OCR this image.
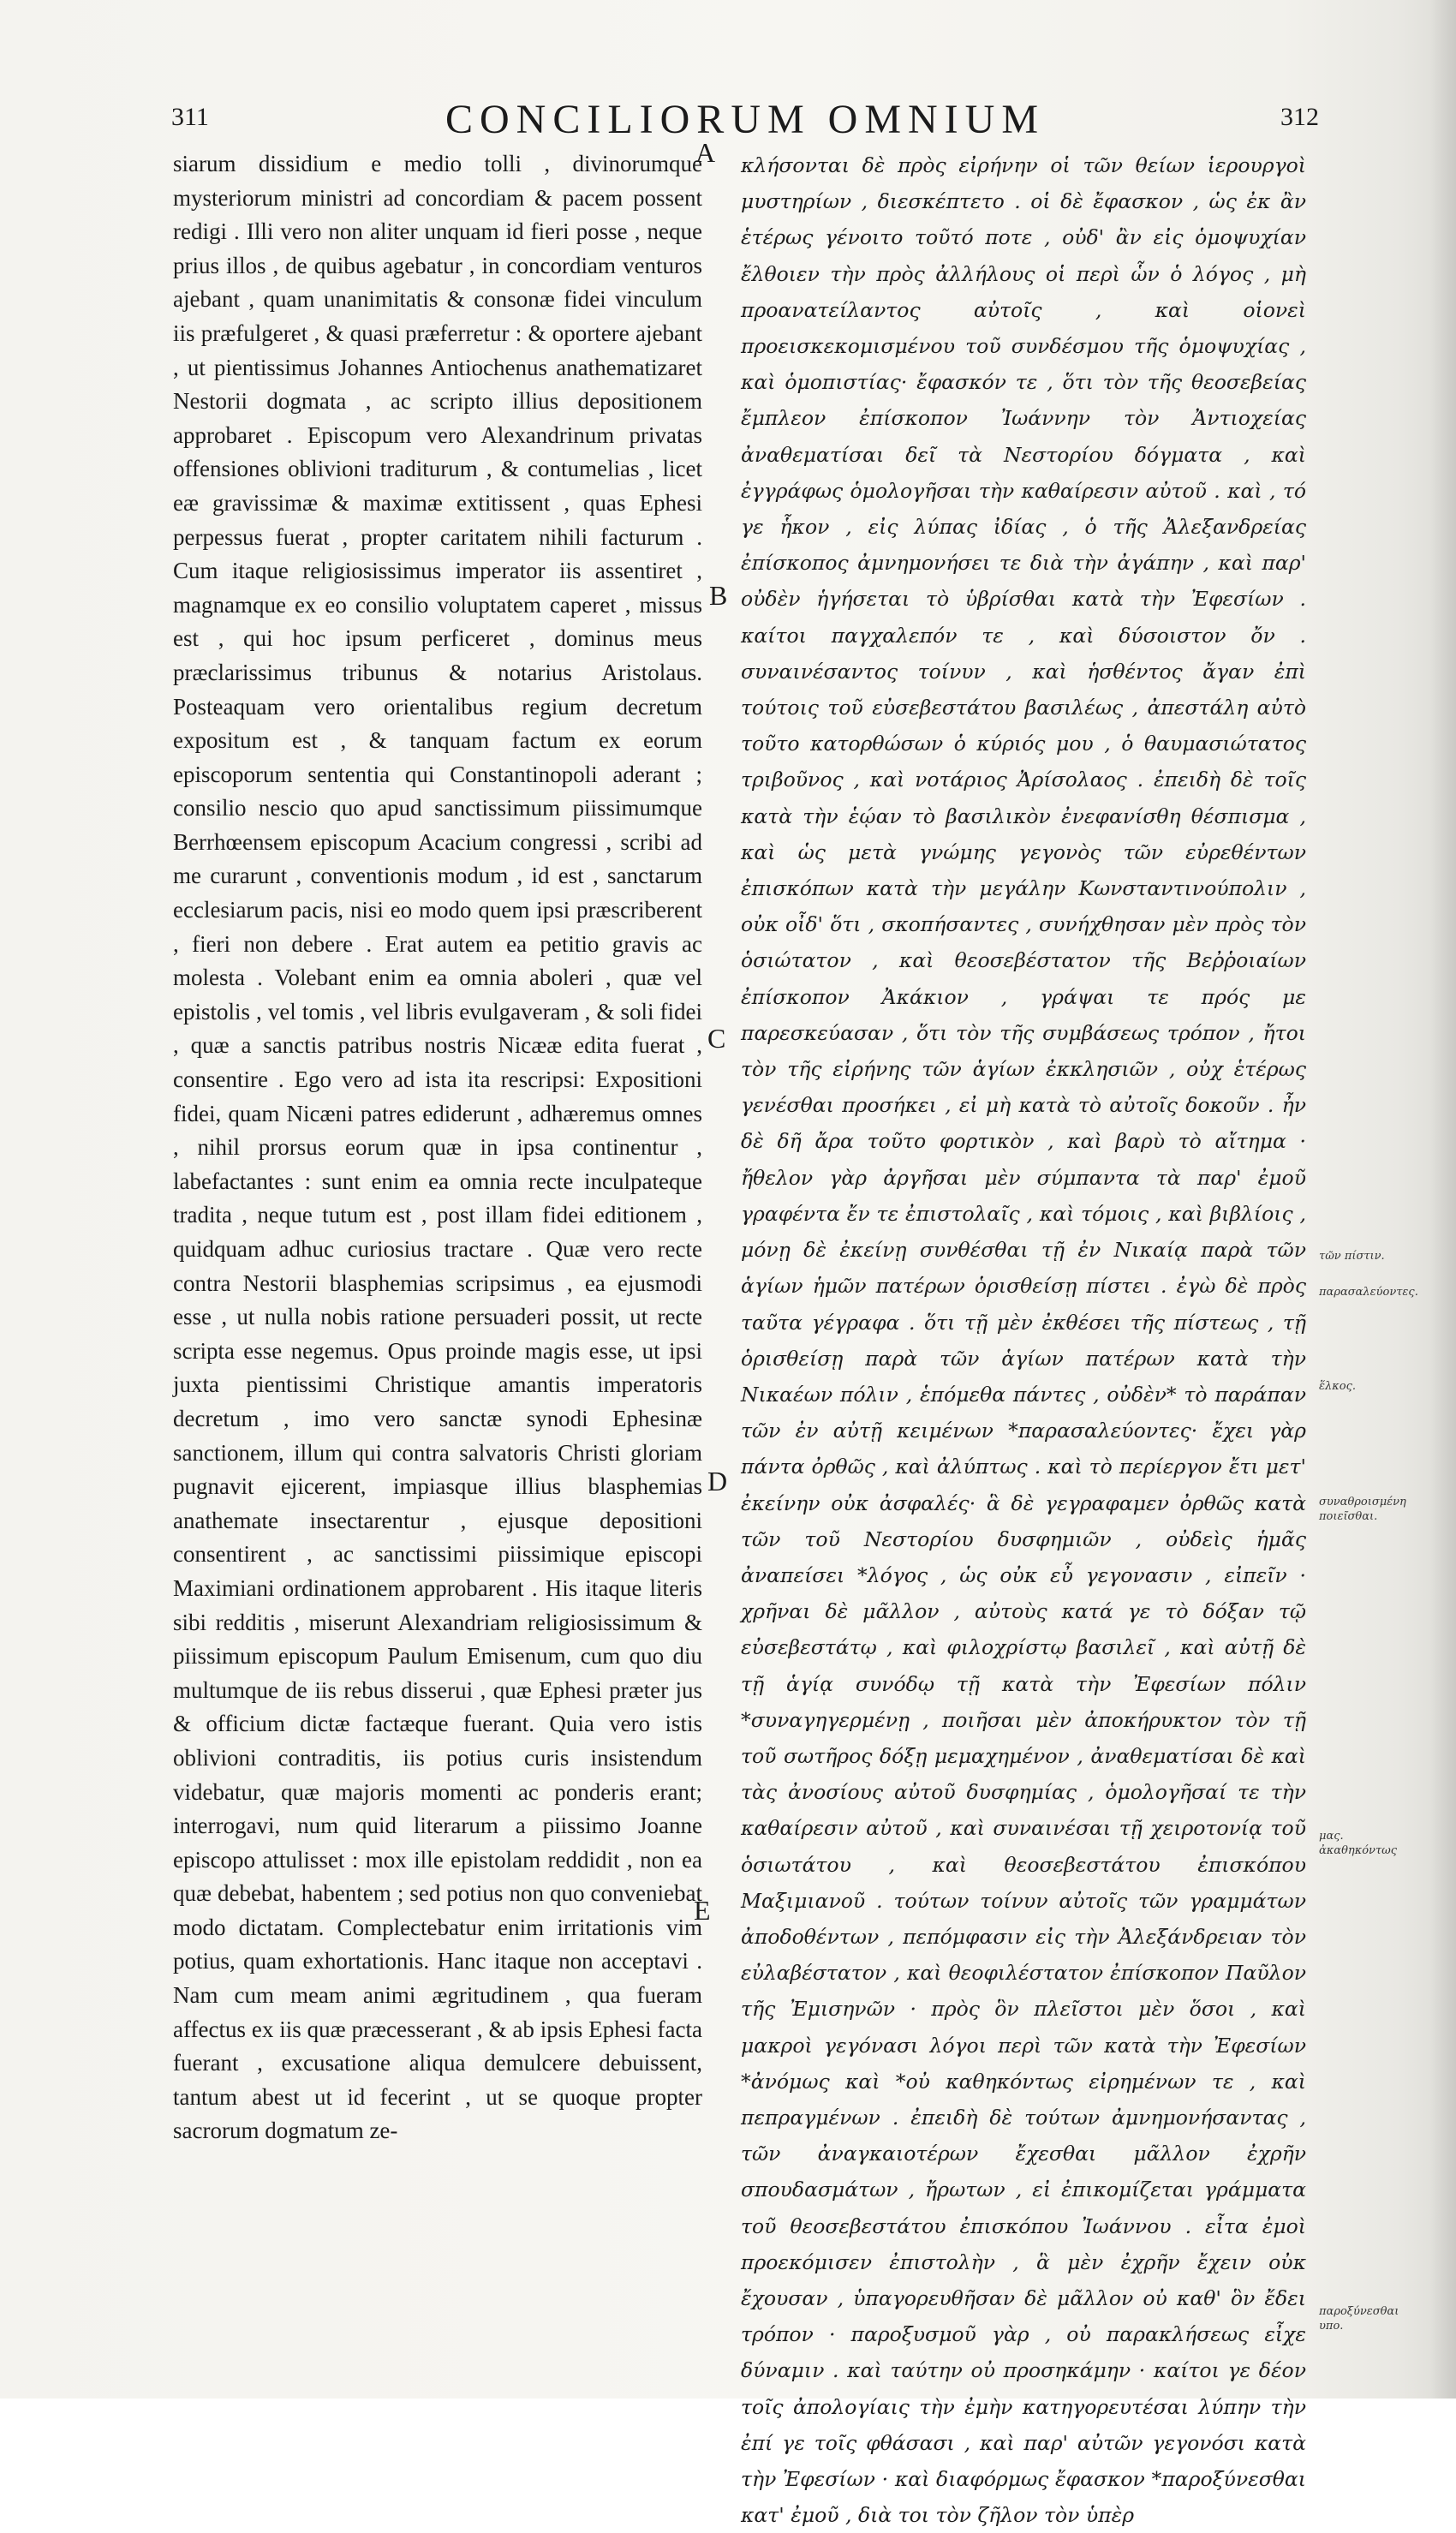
311	CONCILIORUM OMNIUM	312

siarum dissidium e medio tolli , divinorumque mysteriorum ministri ad concordiam & pacem possent redigi . Illi vero non aliter unquam id fieri posse , neque prius illos , de quibus agebatur , in concordiam venturos ajebant , quam unanimitatis & consonæ fidei vinculum iis præfulgeret , & quasi præferretur : & oportere ajebant , ut pientissimus Johannes Antiochenus anathematizaret Nestorii dogmata , ac scripto illius depositionem approbaret . Episcopum vero Alexandrinum privatas offensiones oblivioni traditurum , & contumelias , licet eæ gravissimæ & maximæ extitissent , quas Ephesi perpessus fuerat , propter caritatem nihili facturum . Cum itaque religiosissimus imperator iis assentiret , magnamque ex eo consilio voluptatem caperet , missus est , qui hoc ipsum perficeret , dominus meus præclarissimus tribunus & notarius Aristolaus. Posteaquam vero orientalibus regium decretum expositum est , & tanquam factum ex eorum episcoporum sententia qui Constantinopoli aderant ; consilio nescio quo apud sanctissimum piissimumque Berrhœensem episcopum Acacium congressi , scribi ad me curarunt , conventionis modum , id est , sanctarum ecclesiarum pacis, nisi eo modo quem ipsi præscriberent , fieri non debere . Erat autem ea petitio gravis ac molesta . Volebant enim ea omnia aboleri , quæ vel epistolis , vel tomis , vel libris evulgaveram , & soli fidei , quæ a sanctis patribus nostris Nicææ edita fuerat , consentire . Ego vero ad ista ita rescripsi: Expositioni fidei, quam Nicæni patres ediderunt , adhæremus omnes , nihil prorsus eorum quæ in ipsa continentur , labefactantes : sunt enim ea omnia recte inculpateque tradita , neque tutum est , post illam fidei editionem , quidquam adhuc curiosius tractare . Quæ vero recte contra Nestorii blasphemias scripsimus , ea ejusmodi esse , ut nulla nobis ratione persuaderi possit, ut recte scripta esse negemus. Opus proinde magis esse, ut ipsi juxta pientissimi Christique amantis imperatoris decretum , imo vero sanctæ synodi Ephesinæ sanctionem, illum qui contra salvatoris Christi gloriam pugnavit ejicerent, impiasque illius blasphemias anathemate insectarentur , ejusque depositioni consentirent , ac sanctissimi piissimique episcopi Maximiani ordinationem approbarent . His itaque literis sibi redditis , miserunt Alexandriam religiosissimum & piissimum episcopum Paulum Emisenum, cum quo diu multumque de iis rebus disserui , quæ Ephesi præter jus & officium dictæ factæque fuerant. Quia vero istis oblivioni contraditis, iis potius curis insistendum videbatur, quæ majoris momenti ac ponderis erant; interrogavi, num quid literarum a piissimo Joanne episcopo attulisset : mox ille epistolam reddidit , non ea quæ debebat, habentem ; sed potius non quo conveniebat modo dictatam. Complectebatur enim irritationis vim potius, quam exhortationis. Hanc itaque non acceptavi . Nam cum meam animi ægritudinem , qua fueram affectus ex iis quæ præcesserant , & ab ipsis Ephesi facta fuerant , excusatione aliqua demulcere debuissent, tantum abest ut id fecerint , ut se quoque propter sacrorum dogmatum ze-

A
B
C
D
E

κλήσονται δὲ πρὸς εἰρήνην οἱ τῶν θείων ἱερουργοὶ μυστηρίων , διεσκέπτετο . οἱ δὲ ἔφασκον , ὡς ἐκ ἂν ἑτέρως γένοιτο τοῦτό ποτε , οὐδ' ἂν εἰς ὁμοψυχίαν ἔλθοιεν τὴν πρὸς ἀλλήλους οἱ περὶ ὧν ὁ λόγος , μὴ προανατείλαντος αὐτοῖς , καὶ οἱονεὶ προεισκεκομισμένου τοῦ συνδέσμου τῆς ὁμοψυχίας , καὶ ὁμοπιστίας· ἔφασκόν τε , ὅτι τὸν τῆς θεοσεβείας ἔμπλεον ἐπίσκοπον Ἰωάννην τὸν Ἀντιοχείας ἀναθεματίσαι δεῖ τὰ Νεστορίου δόγματα , καὶ ἐγγράφως ὁμολογῆσαι τὴν καθαίρεσιν αὐτοῦ . καὶ , τό γε ἧκον , εἰς λύπας ἰδίας , ὁ τῆς Ἀλεξανδρείας ἐπίσκοπος ἀμνημονήσει τε διὰ τὴν ἀγάπην , καὶ παρ' οὐδὲν ἡγήσεται τὸ ὑβρίσθαι κατὰ τὴν Ἐφεσίων . καίτοι παγχαλεπόν τε , καὶ δύσοιστον ὄν . συναινέσαντος τοίνυν , καὶ ἡσθέντος ἄγαν ἐπὶ τούτοις τοῦ εὐσεβεστάτου βασιλέως , ἀπεστάλη αὐτὸ τοῦτο κατορθώσων ὁ κύριός μου , ὁ θαυμασιώτατος τριβοῦνος , καὶ νοτάριος Ἀρίσολαος . ἐπειδὴ δὲ τοῖς κατὰ τὴν ἑῴαν τὸ βασιλικὸν ἐνεφανίσθη θέσπισμα , καὶ ὡς μετὰ γνώμης γεγονὸς τῶν εὐρεθέντων ἐπισκόπων κατὰ τὴν μεγάλην Κωνσταντινούπολιν , οὐκ οἶδ' ὅτι , σκοπήσαντες , συνήχθησαν μὲν πρὸς τὸν ὁσιώτατον , καὶ θεοσεβέστατον τῆς Βεῤῥοιαίων ἐπίσκοπον Ἀκάκιον , γράψαι τε πρός με παρεσκεύασαν , ὅτι τὸν τῆς συμβάσεως τρόπον , ἤτοι τὸν τῆς εἰρήνης τῶν ἁγίων ἐκκλησιῶν , οὐχ ἑτέρως γενέσθαι προσήκει , εἰ μὴ κατὰ τὸ αὐτοῖς δοκοῦν . ἦν δὲ δῆ ἄρα τοῦτο φορτικὸν , καὶ βαρὺ τὸ αἴτημα · ἤθελον γὰρ ἀργῆσαι μὲν σύμπαντα τὰ παρ' ἐμοῦ γραφέντα ἔν τε ἐπιστολαῖς , καὶ τόμοις , καὶ βιβλίοις , μόνῃ δὲ ἐκείνῃ συνθέσθαι τῇ ἐν Νικαίᾳ παρὰ τῶν ἁγίων ἡμῶν πατέρων ὁρισθείσῃ πίστει . ἐγὼ δὲ πρὸς ταῦτα γέγραφα . ὅτι τῇ μὲν ἐκθέσει τῆς πίστεως , τῇ ὁρισθείσῃ παρὰ τῶν ἁγίων πατέρων κατὰ τὴν Νικαέων πόλιν , ἑπόμεθα πάντες , οὐδὲν* τὸ παράπαν τῶν ἐν αὐτῇ κειμένων *παρασαλεύοντες· ἔχει γὰρ πάντα ὀρθῶς , καὶ ἀλύπτως . καὶ τὸ περίεργον ἔτι μετ' ἐκείνην οὐκ ἀσφαλές· ἃ δὲ γεγραφαμεν ὀρθῶς κατὰ τῶν τοῦ Νεστορίου δυσφημιῶν , οὐδεὶς ἡμᾶς ἀναπείσει *λόγος , ὡς οὐκ εὖ γεγονασιν , εἰπεῖν · χρῆναι δὲ μᾶλλον , αὐτοὺς κατά γε τὸ δόξαν τῷ εὐσεβεστάτῳ , καὶ φιλοχρίστῳ βασιλεῖ , καὶ αὐτῇ δὲ τῇ ἁγίᾳ συνόδῳ τῇ κατὰ τὴν Ἐφεσίων πόλιν *συναγηγερμένῃ , ποιῆσαι μὲν ἀποκήρυκτον τὸν τῇ τοῦ σωτῆρος δόξῃ μεμαχημένον , ἀναθεματίσαι δὲ καὶ τὰς ἀνοσίους αὐτοῦ δυσφημίας , ὁμολογῆσαί τε τὴν καθαίρεσιν αὐτοῦ , καὶ συναινέσαι τῇ χειροτονίᾳ τοῦ ὁσιωτάτου , καὶ θεοσεβεστάτου ἐπισκόπου Μαξιμιανοῦ . τούτων τοίνυν αὐτοῖς τῶν γραμμάτων ἀποδοθέντων , πεπόμφασιν εἰς τὴν Ἀλεξάνδρειαν τὸν εὐλαβέστατον , καὶ θεοφιλέστατον ἐπίσκοπον Παῦλον τῆς Ἐμισηνῶν · πρὸς ὃν πλεῖστοι μὲν ὅσοι , καὶ μακροὶ γεγόνασι λόγοι περὶ τῶν κατὰ τὴν Ἐφεσίων *ἀνόμως καὶ *οὐ καθηκόντως εἰρημένων τε , καὶ πεπραγμένων . ἐπειδὴ δὲ τούτων ἀμνημονήσαντας , τῶν ἀναγκαιοτέρων ἔχεσθαι μᾶλλον ἐχρῆν σπουδασμάτων , ἤρωτων , εἰ ἐπικομίζεται γράμματα τοῦ θεοσεβεστάτου ἐπισκόπου Ἰωάννου . εἶτα ἐμοὶ προεκόμισεν ἐπιστολὴν , ἃ μὲν ἐχρῆν ἔχειν οὐκ ἔχουσαν , ὑπαγορευθῆσαν δὲ μᾶλλον οὐ καθ' ὃν ἔδει τρόπον · παροξυσμοῦ γὰρ , οὐ παρακλήσεως εἶχε δύναμιν . καὶ ταύτην οὐ προσηκάμην · καίτοι γε δέον τοῖς ἀπολογίαις τὴν ἐμὴν κατηγορευτέσαι λύπην τὴν ἐπί γε τοῖς φθάσασι , καὶ παρ' αὐτῶν γεγονόσι κατὰ τὴν Ἐφεσίων · καὶ διαφόρμως ἔφασκον *παροξύνεσθαι κατ' ἐμοῦ , διὰ τοι τὸν ζῆλον τὸν ὑπὲρ

τῶν πίστιν.
παρασαλεύοντες.
ἕλκος.
συναθροισμένη ποιεῖσθαι.
μας. ἀκαθηκόντως
παροξύνεσθαι υπο.
